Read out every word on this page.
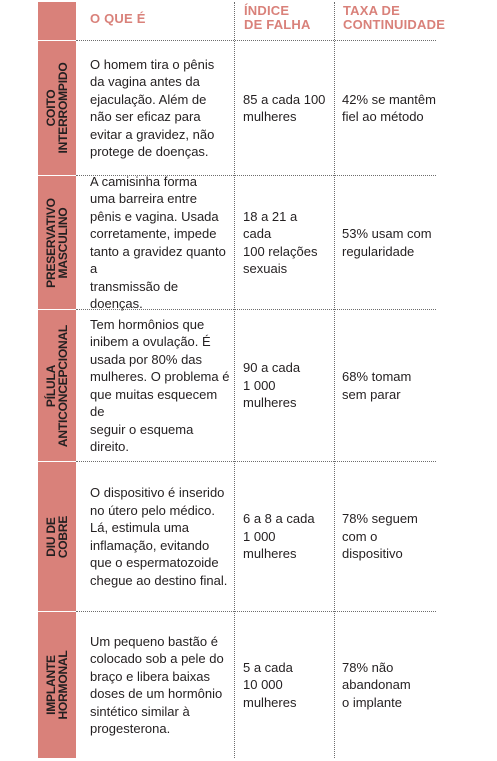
O QUE É
ÍNDICE
DE FALHA
TAXA DE
CONTINUIDADE
COITO
INTERROMPIDO O homem tira o pênis
da vagina antes da
ejaculação. Além de
não ser eficaz para
evitar a gravidez, não
protege de doenças.
85 a cada 100
mulheres
42% se mantêm
fiel ao método
PRESERVATIVO
MASCULINO
A camisinha forma
uma barreira entre
pênis e vagina. Usada
corretamente, impede
tanto a gravidez quanto a
transmissão de doenças.
18 a 21 a cada
100 relações
sexuais
53% usam com
regularidade
PÍLULA
ANTICONCEPCIONAL
Tem hormônios que
inibem a ovulação. É
usada por 80% das
mulheres. O problema é
que muitas esquecem de
seguir o esquema direito.
90 a cada
1 000
mulheres
68% tomam
sem parar
DIU DE
COBRE
O dispositivo é inserido
no útero pelo médico.
Lá, estimula uma
inflamação, evitando
que o espermatozoide
chegue ao destino final.
6 a 8 a cada
1 000
mulheres
78% seguem
com o
dispositivo
IMPLANTE
HORMONAL
Um pequeno bastão é
colocado sob a pele do
braço e libera baixas
doses de um hormônio
sintético similar à
progesterona.
5 a cada
10 000
mulheres
78% não
abandonam
o implante
